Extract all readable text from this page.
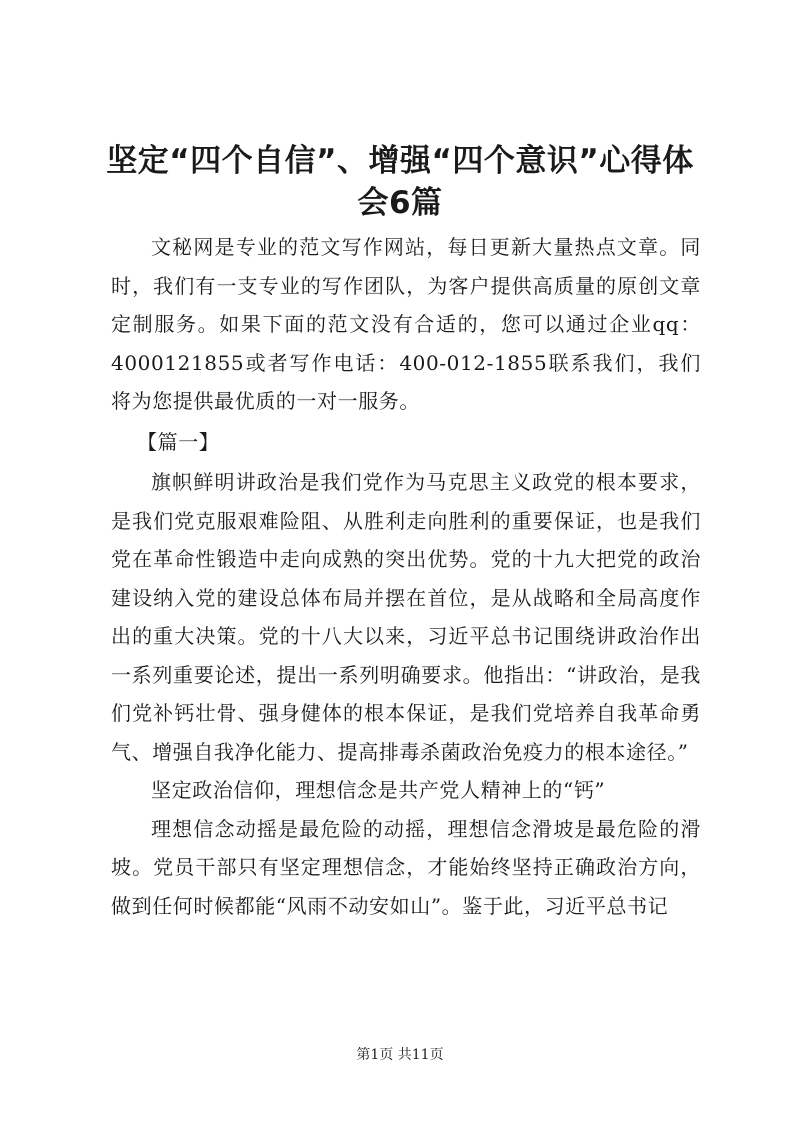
坚定“四个自信”、增强“四个意识”心得体会6篇

文秘网是专业的范文写作网站，每日更新大量热点文章。同时，我们有一支专业的写作团队，为客户提供高质量的原创文章定制服务。如果下面的范文没有合适的，您可以通过企业qq：4000121855或者写作电话：400-012-1855联系我们，我们将为您提供最优质的一对一服务。

【篇一】

旗帜鲜明讲政治是我们党作为马克思主义政党的根本要求，是我们党克服艰难险阻、从胜利走向胜利的重要保证，也是我们党在革命性锻造中走向成熟的突出优势。党的十九大把党的政治建设纳入党的建设总体布局并摆在首位，是从战略和全局高度作出的重大决策。党的十八大以来，习近平总书记围绕讲政治作出一系列重要论述，提出一系列明确要求。他指出：“讲政治，是我们党补钙壮骨、强身健体的根本保证，是我们党培养自我革命勇气、增强自我净化能力、提高排毒杀菌政治免疫力的根本途径。”

坚定政治信仰，理想信念是共产党人精神上的“钙”

理想信念动摇是最危险的动摇，理想信念滑坡是最危险的滑坡。党员干部只有坚定理想信念，才能始终坚持正确政治方向，做到任何时候都能“风雨不动安如山”。鉴于此，习近平总书记

第1页 共11页
